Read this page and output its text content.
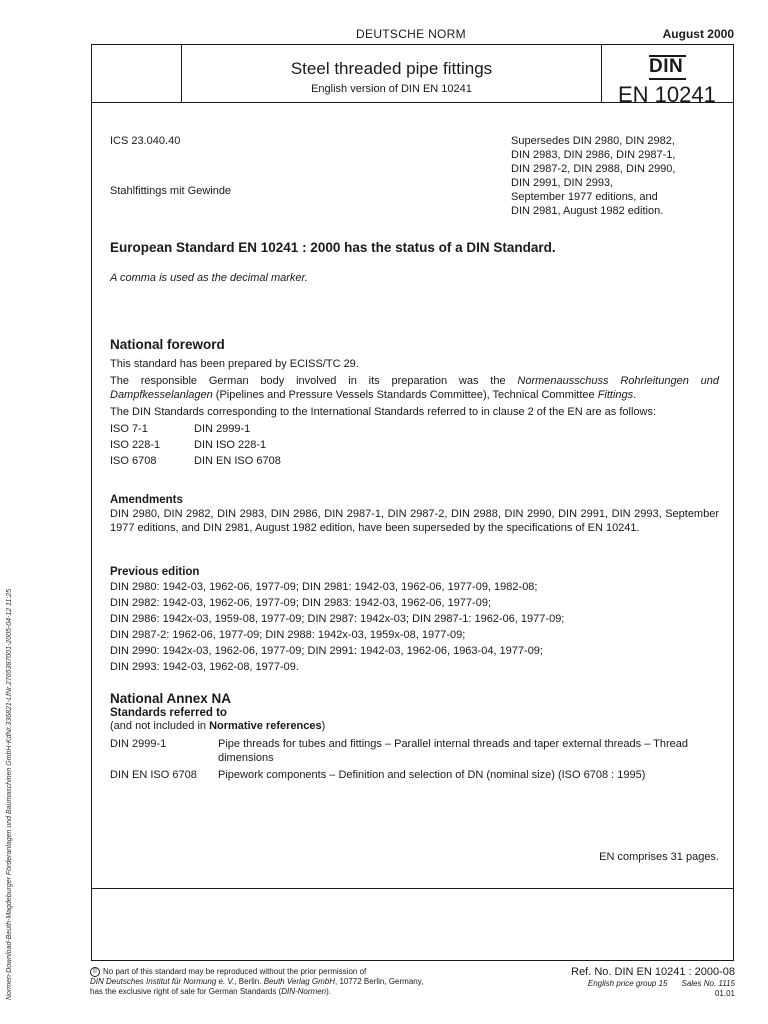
Normen-Download-Beuth-Magdeburger Förderanlagen und Baumaschinen GmbH-KdNr.336821-LfNr.2765387001-2005-04-12 11:25
DEUTSCHE NORM	August 2000
Steel threaded pipe fittings
English version of DIN EN 10241
DIN
EN 10241
ICS 23.040.40
Stahlfittings mit Gewinde
Supersedes DIN 2980, DIN 2982,
DIN 2983, DIN 2986, DIN 2987-1,
DIN 2987-2, DIN 2988, DIN 2990,
DIN 2991, DIN 2993,
September 1977 editions, and
DIN 2981, August 1982 edition.
European Standard EN 10241 : 2000 has the status of a DIN Standard.
A comma is used as the decimal marker.
National foreword
This standard has been prepared by ECISS/TC 29.
The responsible German body involved in its preparation was the Normenausschuss Rohrleitungen und Dampfkesselanlagen (Pipelines and Pressure Vessels Standards Committee), Technical Committee Fittings.
The DIN Standards corresponding to the International Standards referred to in clause 2 of the EN are as follows:
ISO 7-1	DIN 2999-1
ISO 228-1	DIN ISO 228-1
ISO 6708	DIN EN ISO 6708
Amendments
DIN 2980, DIN 2982, DIN 2983, DIN 2986, DIN 2987-1, DIN 2987-2, DIN 2988, DIN 2990, DIN 2991, DIN 2993, September 1977 editions, and DIN 2981, August 1982 edition, have been superseded by the specifications of EN 10241.
Previous edition
DIN 2980: 1942-03, 1962-06, 1977-09; DIN 2981: 1942-03, 1962-06, 1977-09, 1982-08;
DIN 2982: 1942-03, 1962-06, 1977-09; DIN 2983: 1942-03, 1962-06, 1977-09;
DIN 2986: 1942x-03, 1959-08, 1977-09; DIN 2987: 1942x-03; DIN 2987-1: 1962-06, 1977-09;
DIN 2987-2: 1962-06, 1977-09; DIN 2988: 1942x-03, 1959x-08, 1977-09;
DIN 2990: 1942x-03, 1962-06, 1977-09; DIN 2991: 1942-03, 1962-06, 1963-04, 1977-09;
DIN 2993: 1942-03, 1962-08, 1977-09.
National Annex NA
Standards referred to
(and not included in Normative references)
DIN 2999-1	Pipe threads for tubes and fittings – Parallel internal threads and taper external threads – Thread dimensions
DIN EN ISO 6708	Pipework components – Definition and selection of DN (nominal size) (ISO 6708 : 1995)
EN comprises 31 pages.
© No part of this standard may be reproduced without the prior permission of
DIN Deutsches Institut für Normung e. V., Berlin. Beuth Verlag GmbH, 10772 Berlin, Germany,
has the exclusive right of sale for German Standards (DIN-Normen).
Ref. No. DIN EN 10241 : 2000-08
English price group 15 Sales No. 1115
01.01
